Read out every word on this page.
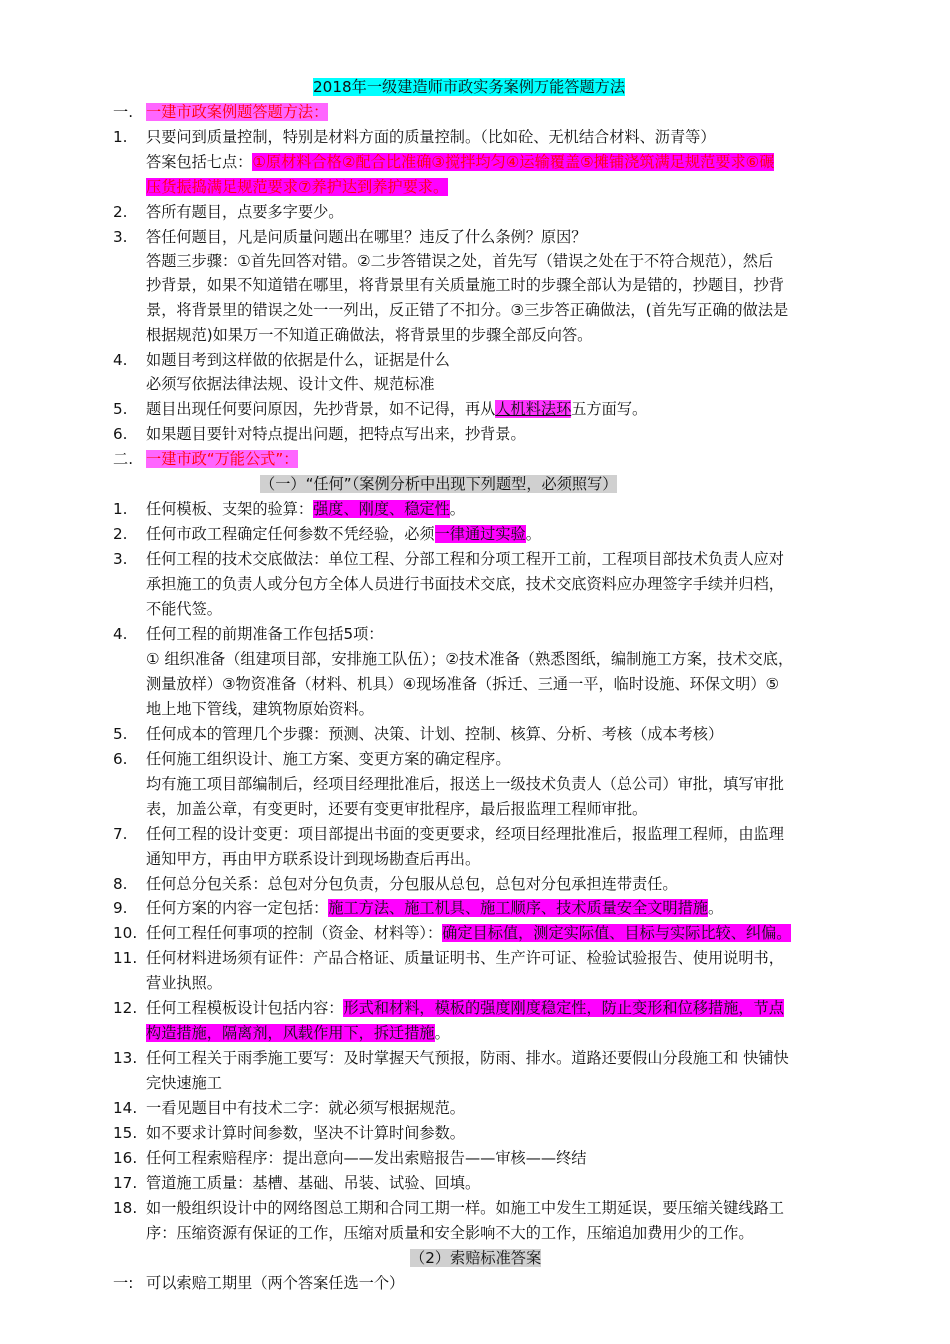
2018年一级建造师市政实务案例万能答题方法
一. 一建市政案例题答题方法：
1.	只要问到质量控制，特别是材料方面的质量控制。（比如砼、无机结合材料、沥青等）
答案包括七点：①原材料合格②配合比准确③搅拌均匀④运输覆盖⑤摊铺浇筑满足规范要求⑥碾
压货振捣满足规范要求⑦养护达到养护要求。
2.	答所有题目，点要多字要少。
3.	答任何题目，凡是问质量问题出在哪里？违反了什么条例？原因？
答题三步骤：①首先回答对错。②二步答错误之处，首先写（错误之处在于不符合规范），然后
抄背景，如果不知道错在哪里，将背景里有关质量施工时的步骤全部认为是错的，抄题目，抄背
景，将背景里的错误之处一一列出，反正错了不扣分。③三步答正确做法，(首先写正确的做法是
根据规范)如果万一不知道正确做法，将背景里的步骤全部反向答。
4.	如题目考到这样做的依据是什么，证据是什么
必须写依据法律法规、设计文件、规范标准
5.	题目出现任何要问原因，先抄背景，如不记得，再从人机料法环五方面写。
6.	如果题目要针对特点提出问题，把特点写出来，抄背景。
二. 一建市政“万能公式”：
（一）“任何”（案例分析中出现下列题型，必须照写）
1.	任何模板、支架的验算：强度、刚度、稳定性。
2.	任何市政工程确定任何参数不凭经验，必须一律通过实验。
3.	任何工程的技术交底做法：单位工程、分部工程和分项工程开工前，工程项目部技术负责人应对
承担施工的负责人或分包方全体人员进行书面技术交底，技术交底资料应办理签字手续并归档，
不能代签。
4.	任何工程的前期准备工作包括5项：
① 组织准备（组建项目部，安排施工队伍）；②技术准备（熟悉图纸，编制施工方案，技术交底，
测量放样）③物资准备（材料、机具）④现场准备（拆迁、三通一平，临时设施、环保文明）⑤
地上地下管线，建筑物原始资料。
5.	任何成本的管理几个步骤：预测、决策、计划、控制、核算、分析、考核（成本考核）
6.	任何施工组织设计、施工方案、变更方案的确定程序。
均有施工项目部编制后，经项目经理批准后，报送上一级技术负责人（总公司）审批，填写审批
表，加盖公章，有变更时，还要有变更审批程序，最后报监理工程师审批。
7.	任何工程的设计变更：项目部提出书面的变更要求，经项目经理批准后，报监理工程师，由监理
通知甲方，再由甲方联系设计到现场勘查后再出。
8.	任何总分包关系：总包对分包负责，分包服从总包，总包对分包承担连带责任。
9.	任何方案的内容一定包括：施工方法、施工机具、施工顺序、技术质量安全文明措施。
10. 任何工程任何事项的控制（资金、材料等）：确定目标值，测定实际值、目标与实际比较、纠偏。
11. 任何材料进场须有证件：产品合格证、质量证明书、生产许可证、检验试验报告、使用说明书，
营业执照。
12. 任何工程模板设计包括内容：形式和材料，模板的强度刚度稳定性，防止变形和位移措施，节点
构造措施，隔离剂，风载作用下，拆迁措施。
13. 任何工程关于雨季施工要写：及时掌握天气预报，防雨、排水。道路还要假山分段施工和 快铺快
完快速施工
14. 一看见题目中有技术二字：就必须写根据规范。
15. 如不要求计算时间参数，坚决不计算时间参数。
16. 任何工程索赔程序：提出意向——发出索赔报告——审核——终结
17. 管道施工质量：基槽、基础、吊装、试验、回填。
18. 如一般组织设计中的网络图总工期和合同工期一样。如施工中发生工期延误，要压缩关键线路工
序：压缩资源有保证的工作，压缩对质量和安全影响不大的工作，压缩追加费用少的工作。
（2）索赔标准答案
一: 可以索赔工期里（两个答案任选一个）
